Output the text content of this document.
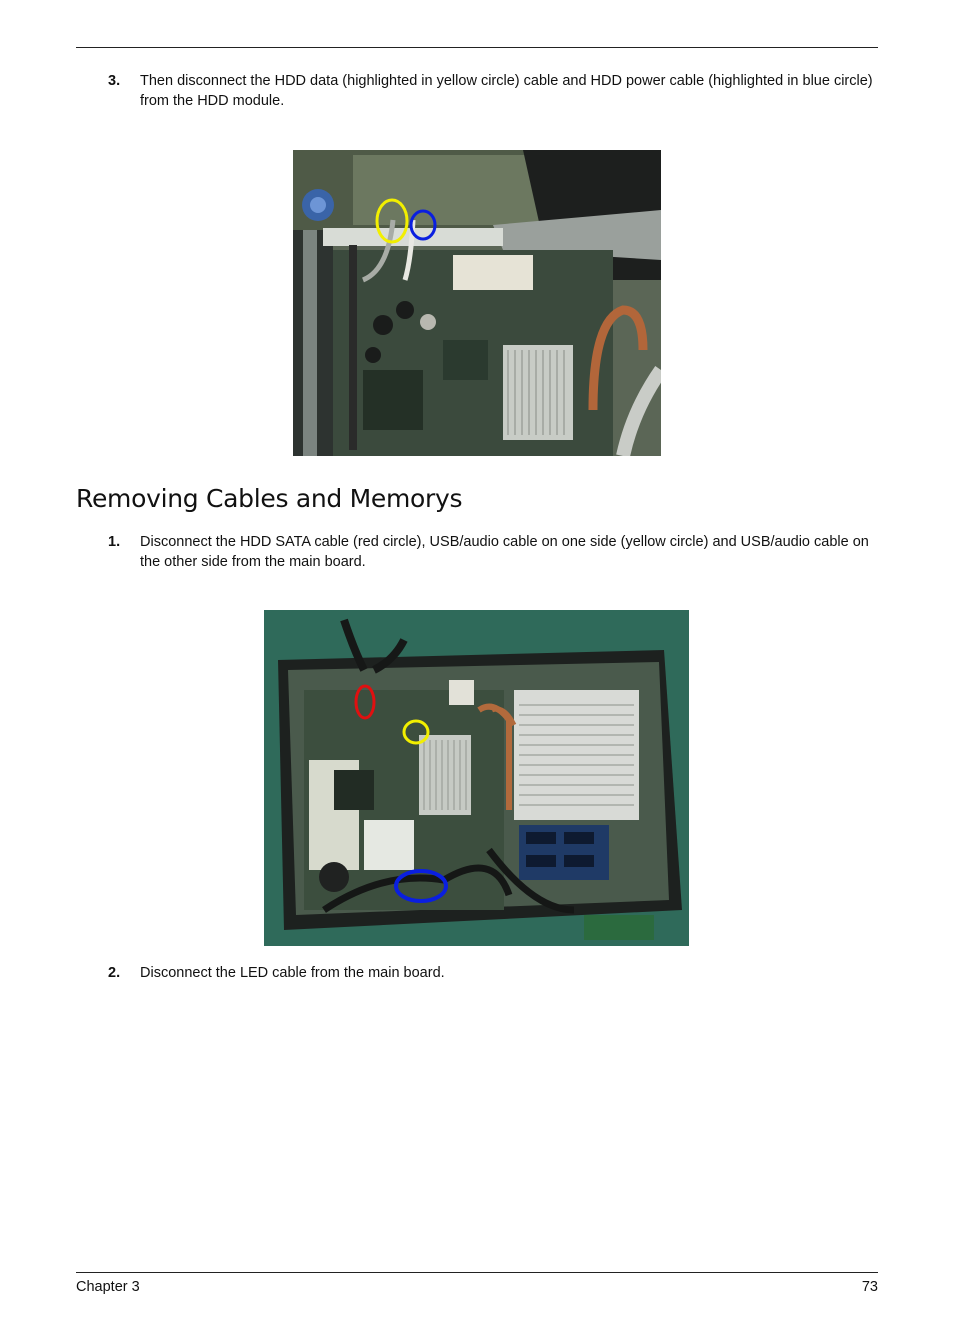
3. Then disconnect the HDD data (highlighted in yellow circle) cable and HDD power cable (highlighted in blue circle) from the HDD module.
Removing Cables and Memorys
1. Disconnect the HDD SATA cable (red circle), USB/audio cable on one side (yellow circle) and USB/audio cable on the other side from the main board.
2. Disconnect the LED cable from the main board.
Chapter 3	73
